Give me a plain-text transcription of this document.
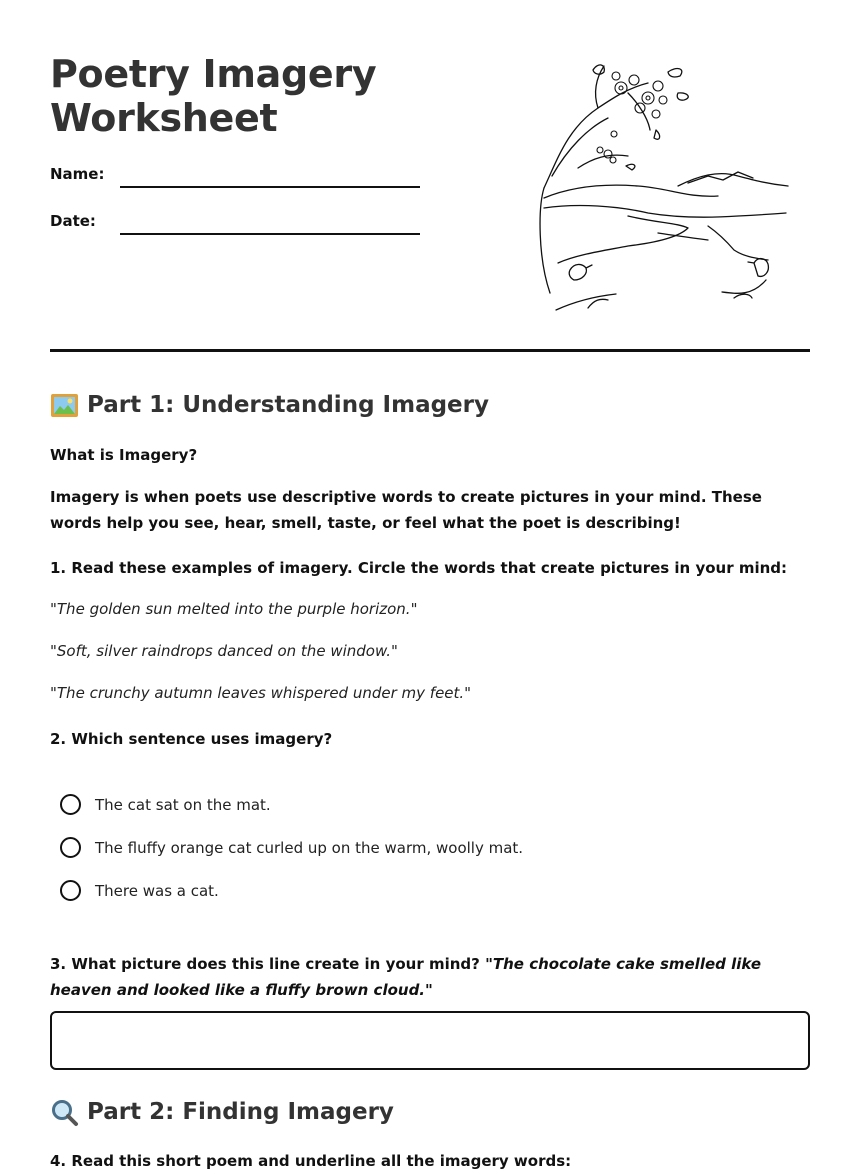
Poetry Imagery
Worksheet
Name:
Date:
Part 1: Understanding Imagery

What is Imagery?

Imagery is when poets use descriptive words to create pictures in your mind. These words help you see, hear, smell, taste, or feel what the poet is describing!

1. Read these examples of imagery. Circle the words that create pictures in your mind:

"The golden sun melted into the purple horizon."
"Soft, silver raindrops danced on the window."
"The crunchy autumn leaves whispered under my feet."

2. Which sentence uses imagery?

The cat sat on the mat.
The fluffy orange cat curled up on the warm, woolly mat.
There was a cat.

3. What picture does this line create in your mind? "The chocolate cake smelled like heaven and looked like a fluffy brown cloud."

Part 2: Finding Imagery

4. Read this short poem and underline all the imagery words:
